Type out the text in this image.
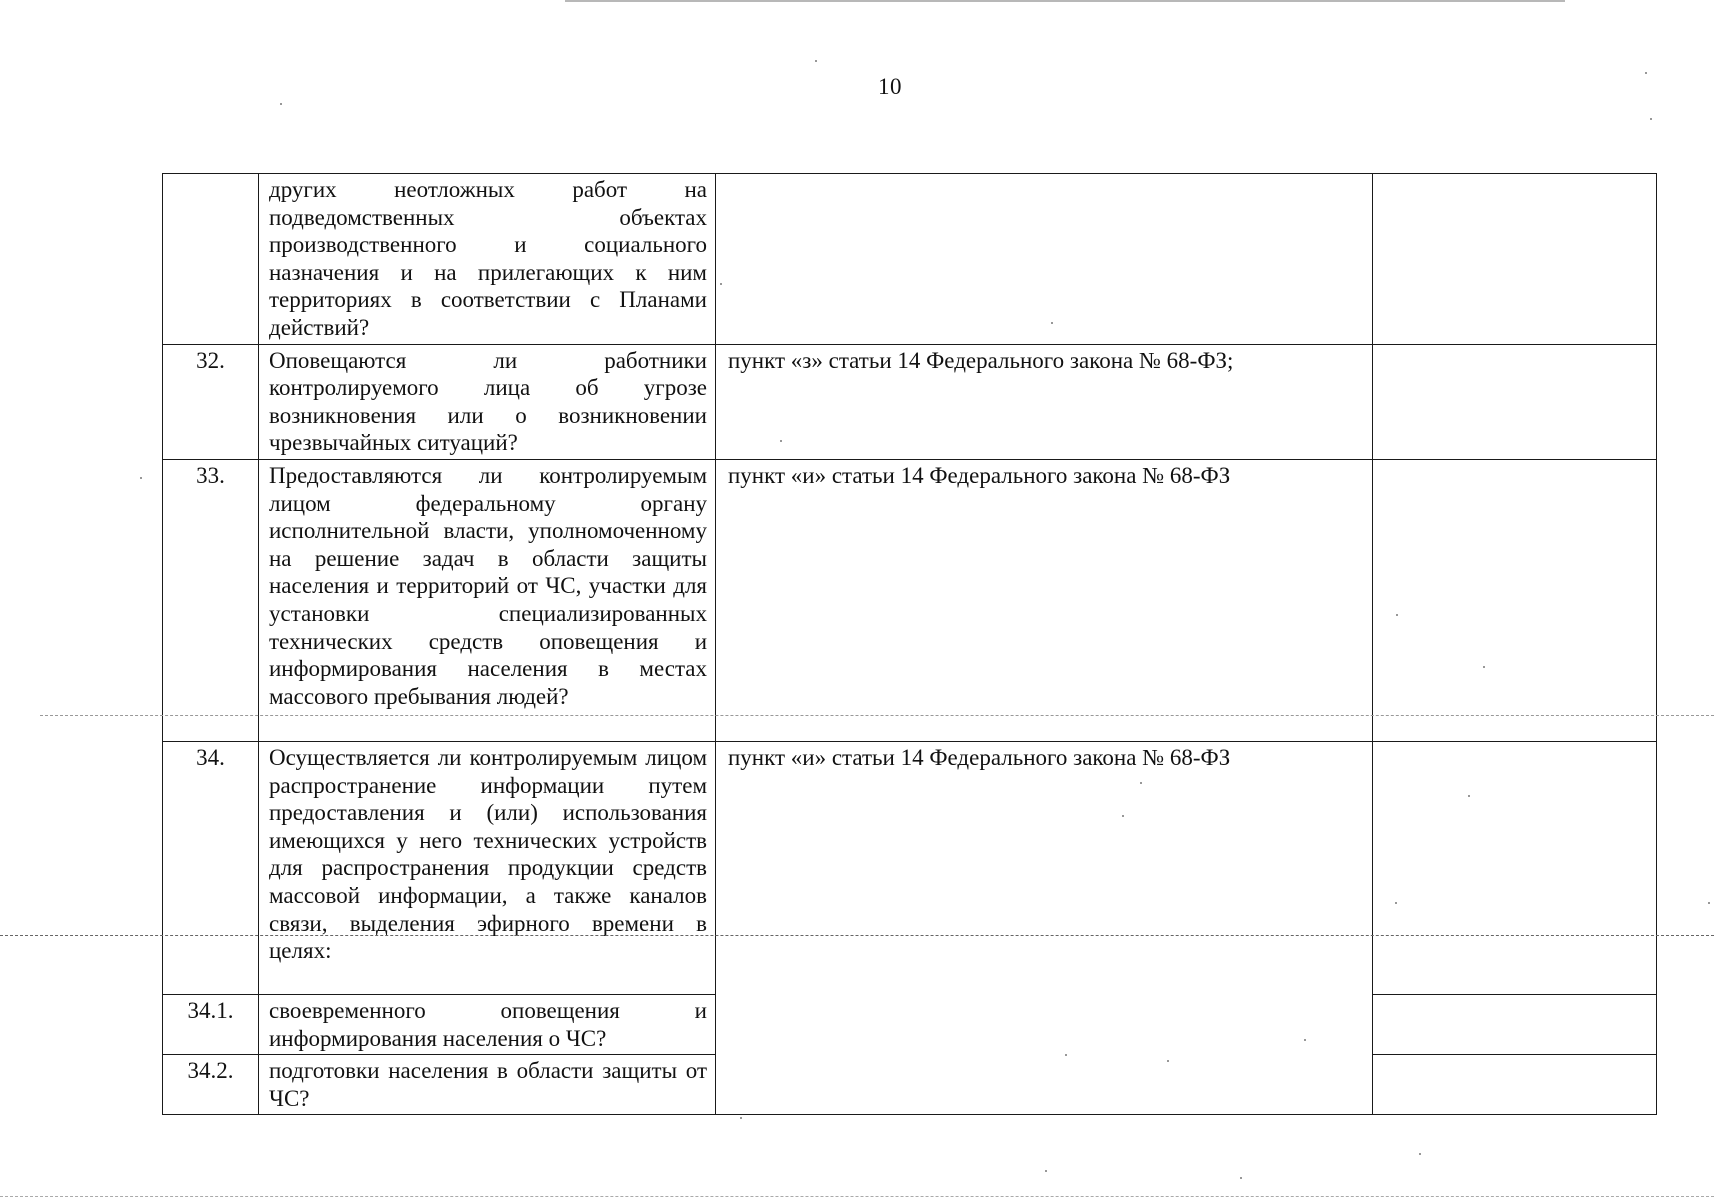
10
	других неотложных работ на подведомственных объектах производственного и социального назначения и на прилегающих к ним территориях в соответствии с Планами действий?		

32.	Оповещаются ли работники контролируемого лица об угрозе возникновения или о возникновении чрезвычайных ситуаций?	пункт «з» статьи 14 Федерального закона № 68-ФЗ;	

33.	Предоставляются ли контролируемым лицом федеральному органу исполнительной власти, уполномоченному на решение задач в области защиты населения и территорий от ЧС, участки для установки специализированных технических средств оповещения и информирования населения в местах массового пребывания людей?	пункт «и» статьи 14 Федерального закона № 68-ФЗ	

34.	Осуществляется ли контролируемым лицом распространение информации путем предоставления и (или) использования имеющихся у него технических устройств для распространения продукции средств массовой информации, а также каналов связи, выделения эфирного времени в целях:	пункт «и» статьи 14 Федерального закона № 68-ФЗ	

34.1.	своевременного оповещения и информирования населения о ЧС?		

34.2.	подготовки населения в области защиты от ЧС?		
